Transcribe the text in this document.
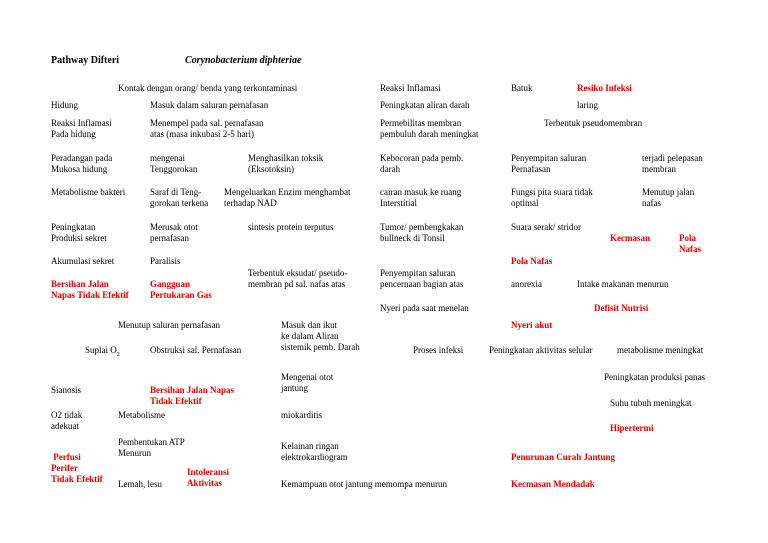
Pathway Difteri	Corynobacterium diphteriae
Kontak dengan orang/ benda yang terkontaminasi
Hidung	Masuk dalam saluran pernafasan
Reaksi Inflamasi
Pada hidung
Menempel pada sal. pernafasan
atas (masa inkubasi 2-5 hari)
Peradangan pada
Mukosa hidung
mengenai
Tenggorokan
Menghasilkan toksik
(Eksotoksin)
Metabolisme bakteri	Saraf di Teng-
gorokan terkena
Mengeluarkan Enzim menghambat
terhadap NAD
Peningkatan
Produksi sekret
Merusak otot
pernafasan
sintesis protein terputus
Akumulasi sekret	Paralisis
Terbentuk eksudat/ pseudo-
membran pd sal. nafas atas
Bersihan Jalan
Napas Tidak Efektif
Gangguan
Pertukaran Gas
Menutup saluran pernafasan	Masuk dan ikut
ke dalam Aliran
sistemik pemb. Darah
Suplai $O_2$	Obstruksi sal. Pernafasan
Sianosis	Bersihan Jalan Napas
Tidak Efektif
Mengenai otot
jantung
O2 tidak
adekuat
Metabolisme	miokarditis
Pembentukan ATP
Menurun
Kelainan ringan
elektrokardiogram
Perfusi
Perifer
Tidak Efektif Lemah, lesu
Intoleransi
Aktivitas	Kemampuan otot jantung memompa menurun
Reaksi Inflamasi
Peningkatan aliran darah
Permebilitas membran
pembuluh darah meningkat
Kebocoran pada pemb.
darah
cairan masuk ke ruang
Interstitial
Tumor/ pembengkakan
bullneck di Tonsil
Penyempitan saluran
pencernaan bagian atas
Nyeri pada saat menelan
Proses infeksi
Batuk	Resiko Infeksi
laring
Terbentuk pseudomembran
Penyempitan saluran
Pernafasan
terjadi pelepasan
membran
Fungsi pita suara tidak
optimal
Menutup jalan
nafas
Suara serak/ stridor
Kecmasan	Pola
Nafas
Pola Nafas
anorexia	Intake makanan menurun
Defisit Nutrisi
Nyeri akut
Peningkatan aktivitas selular	metabolisme meningkat
Peningkatan produksi panas
Suhu tubuh meningkat
Hipertermi
Penurunan Curah Jantung
Kecmasan Mendadak
